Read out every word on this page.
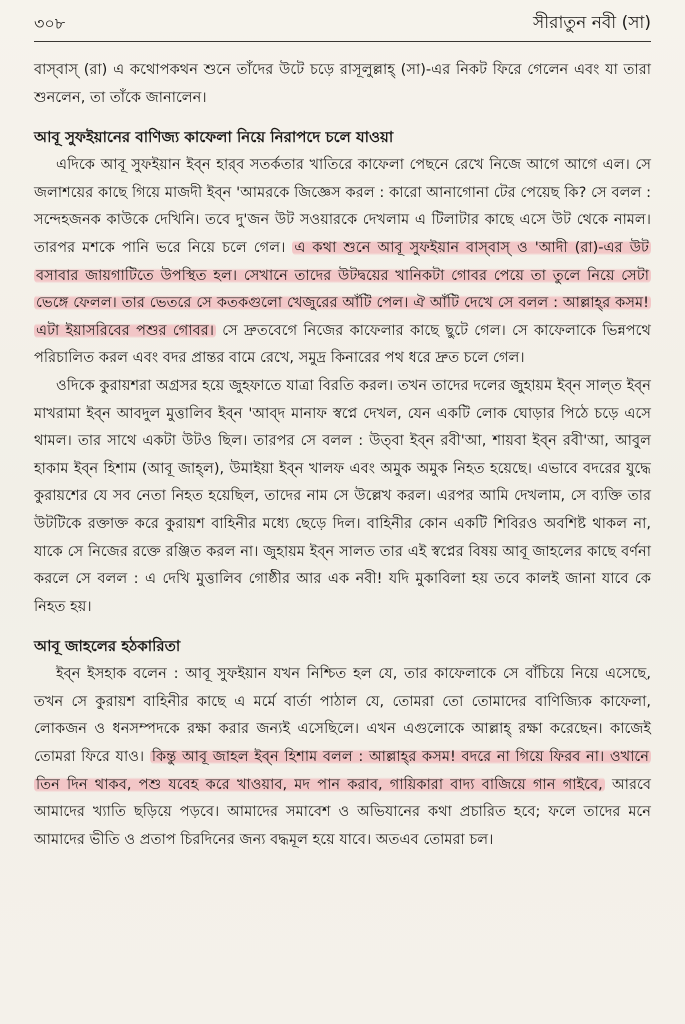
৩০৮	সীরাতুন নবী (সা)

বাস্‌বাস্‌ (রা) এ কথোপকথন শুনে তাঁদের উটে চড়ে রাসূলুল্লাহ্‌ (সা)-এর নিকট ফিরে গেলেন এবং যা তারা শুনলেন, তা তাঁকে জানালেন।

আবূ সুফইয়ানের বাণিজ্য কাফেলা নিয়ে নিরাপদে চলে যাওয়া

এদিকে আবূ সুফইয়ান ইব্‌ন হার্‌ব সতর্কতার খাতিরে কাফেলা পেছনে রেখে নিজে আগে আগে এল। সে জলাশয়ের কাছে গিয়ে মাজদী ইব্‌ন 'আমরকে জিজ্ঞেস করল : কারো আনাগোনা টের পেয়েছ কি? সে বলল : সন্দেহজনক কাউকে দেখিনি। তবে দু'জন উট সওয়ারকে দেখলাম এ টিলাটার কাছে এসে উট থেকে নামল। তারপর মশকে পানি ভরে নিয়ে চলে গেল। এ কথা শুনে আবূ সুফইয়ান বাস্‌বাস্‌ ও 'আদী (রা)-এর উট বসাবার জায়গাটিতে উপস্থিত হল। সেখানে তাদের উটদ্বয়ের খানিকটা গোবর পেয়ে তা তুলে নিয়ে সেটা ভেঙ্গে ফেলল। তার ভেতরে সে কতকগুলো খেজুরের আঁটি পেল। ঐ আঁটি দেখে সে বলল : আল্লাহ্‌র কসম! এটা ইয়াসরিবের পশুর গোবর। সে দ্রুতবেগে নিজের কাফেলার কাছে ছুটে গেল। সে কাফেলাকে ভিন্নপথে পরিচালিত করল এবং বদর প্রান্তর বামে রেখে, সমুদ্র কিনারের পথ ধরে দ্রুত চলে গেল।

ওদিকে কুরায়শরা অগ্রসর হয়ে জুহফাতে যাত্রা বিরতি করল। তখন তাদের দলের জুহায়ম ইব্‌ন সাল্‌ত ইব্‌ন মাখরামা ইব্‌ন আবদুল মুত্তালিব ইব্‌ন 'আব্‌দ মানাফ স্বপ্নে দেখল, যেন একটি লোক ঘোড়ার পিঠে চড়ে এসে থামল। তার সাথে একটা উটও ছিল। তারপর সে বলল : উত্‌বা ইব্‌ন রবী'আ, শায়বা ইব্‌ন রবী'আ, আবুল হাকাম ইব্‌ন হিশাম (আবূ জাহ্‌ল), উমাইয়া ইব্‌ন খালফ এবং অমুক অমুক নিহত হয়েছে। এভাবে বদরের যুদ্ধে কুরায়শের যে সব নেতা নিহত হয়েছিল, তাদের নাম সে উল্লেখ করল। এরপর আমি দেখলাম, সে ব্যক্তি তার উটটিকে রক্তাক্ত করে কুরায়শ বাহিনীর মধ্যে ছেড়ে দিল। বাহিনীর কোন একটি শিবিরও অবশিষ্ট থাকল না, যাকে সে নিজের রক্তে রঞ্জিত করল না। জুহায়ম ইব্‌ন সালত তার এই স্বপ্নের বিষয় আবূ জাহলের কাছে বর্ণনা করলে সে বলল : এ দেখি মুত্তালিব গোষ্ঠীর আর এক নবী! যদি মুকাবিলা হয় তবে কালই জানা যাবে কে নিহত হয়।

আবূ জাহলের হঠকারিতা

ইব্‌ন ইসহাক বলেন : আবূ সুফইয়ান যখন নিশ্চিত হল যে, তার কাফেলাকে সে বাঁচিয়ে নিয়ে এসেছে, তখন সে কুরায়শ বাহিনীর কাছে এ মর্মে বার্তা পাঠাল যে, তোমরা তো তোমাদের বাণিজ্যিক কাফেলা, লোকজন ও ধনসম্পদকে রক্ষা করার জন্যই এসেছিলে। এখন এগুলোকে আল্লাহ্‌ রক্ষা করেছেন। কাজেই তোমরা ফিরে যাও। কিন্তু আবূ জাহল ইব্‌ন হিশাম বলল : আল্লাহ্‌র কসম! বদরে না গিয়ে ফিরব না। ওখানে তিন দিন থাকব, পশু যবেহ করে খাওয়াব, মদ পান করাব, গায়িকারা বাদ্য বাজিয়ে গান গাইবে, আরবে আমাদের খ্যাতি ছড়িয়ে পড়বে। আমাদের সমাবেশ ও অভিযানের কথা প্রচারিত হবে; ফলে তাদের মনে আমাদের ভীতি ও প্রতাপ চিরদিনের জন্য বদ্ধমূল হয়ে যাবে। অতএব তোমরা চল।
